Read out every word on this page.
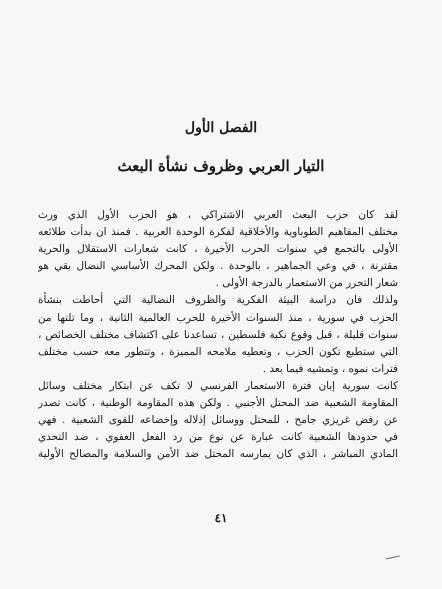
الفصل الأول
التيار العربي وظروف نشأة البعث

لقد كان حزب البعث العربي الاشتراكي ، هو الحزب الأول الذي ورث
مختلف المفاهيم الطوباوية والأخلاقية لفكرة الوحدة العربية . فمنذ ان بدأت طلائعه
الأولى بالتجمع في سنوات الحرب الأخيرة ، كانت شعارات الاستقلال والحرية
مقترنة ، في وعي الجماهير ، بالوحدة . ولكن المحرك الأساسي النضال بقي هو
شعار التحرر من الاستعمار بالدرجة الأولى .

ولذلك فان دراسة البيئة الفكرية والظروف النضالية التي أحاطت بنشأة
الحزب في سورية ، منذ السنوات الأخيرة للحرب العالمية الثانية ، وما تلتها من
سنوات قليلة ، قبل وقوع نكبة فلسطين ، تساعدنا على اكتشاف مختلف الخصائص ،
التي ستطبع تكون الحزب ، وتعطيه ملامحه المميزة ، وتتطور معه حسب مختلف
فترات نموه ، وتمشيه فيما بعد .

كانت سورية إبان فترة الاستعمار الفرنسي لا تكف عن ابتكار مختلف وسائل
المقاومة الشعبية ضد المحتل الأجنبي . ولكن هذه المقاومة الوطنية ، كانت تصدر
عن رفض غريزي جامح ، للمحتل ووسائل إذلاله وإخضاعه للقوى الشعبية . فهي
في حدودها الشعبية كانت عبارة عن نوع من رد الفعل العفوي ، ضد التحدي
المادي المباشر ، الذي كان يمارسه المحتل ضد الأمن والسلامة والمصالح الأولية

٤١
